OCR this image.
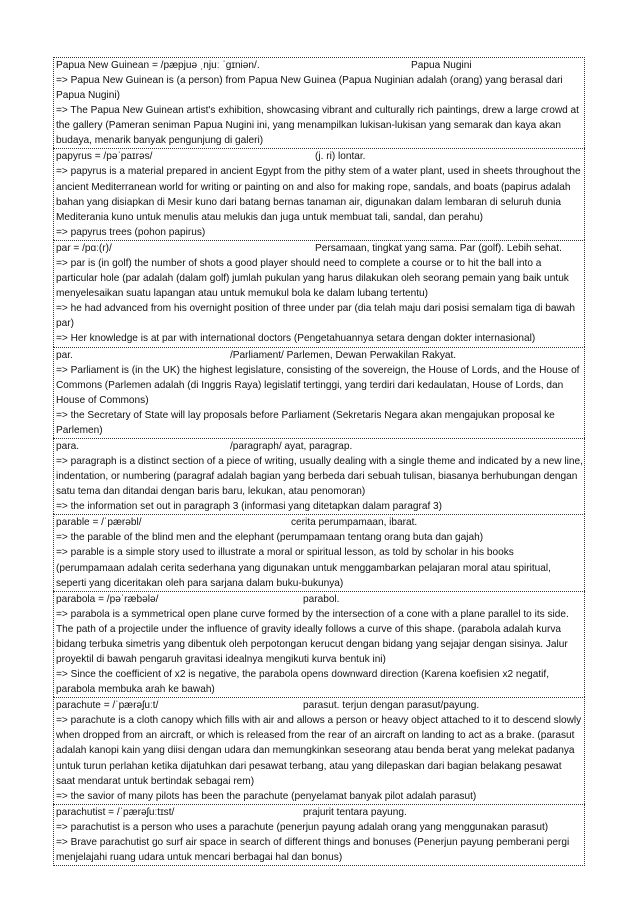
Papua New Guinean = /pæpjuə ˌnjuː ˈɡɪniən/.	Papua Nugini

=> Papua New Guinean is (a person) from Papua New Guinea (Papua Nuginian adalah (orang) yang berasal dari Papua Nugini)

=> The Papua New Guinean artist's exhibition, showcasing vibrant and culturally rich paintings, drew a large crowd at the gallery (Pameran seniman Papua Nugini ini, yang menampilkan lukisan-lukisan yang semarak dan kaya akan budaya, menarik banyak pengunjung di galeri)

papyrus = /pəˈpaɪrəs/	(j. ri) lontar.

=> papyrus is a material prepared in ancient Egypt from the pithy stem of a water plant, used in sheets throughout the ancient Mediterranean world for writing or painting on and also for making rope, sandals, and boats (papirus adalah bahan yang disiapkan di Mesir kuno dari batang bernas tanaman air, digunakan dalam lembaran di seluruh dunia Mediterania kuno untuk menulis atau melukis dan juga untuk membuat tali, sandal, dan perahu)

=> papyrus trees (pohon papirus)

par = /pɑː(r)/	Persamaan, tingkat yang sama. Par (golf). Lebih sehat.

=> par is (in golf) the number of shots a good player should need to complete a course or to hit the ball into a particular hole (par adalah (dalam golf) jumlah pukulan yang harus dilakukan oleh seorang pemain yang baik untuk menyelesaikan suatu lapangan atau untuk memukul bola ke dalam lubang tertentu)

=> he had advanced from his overnight position of three under par (dia telah maju dari posisi semalam tiga di bawah par)

=> Her knowledge is at par with international doctors (Pengetahuannya setara dengan dokter internasional)

par.	/Parliament/ Parlemen, Dewan Perwakilan Rakyat.

=> Parliament is (in the UK) the highest legislature, consisting of the sovereign, the House of Lords, and the House of Commons (Parlemen adalah (di Inggris Raya) legislatif tertinggi, yang terdiri dari kedaulatan, House of Lords, dan House of Commons)

=> the Secretary of State will lay proposals before Parliament (Sekretaris Negara akan mengajukan proposal ke Parlemen)

para.	/paragraph/ ayat, paragrap.

=> paragraph is a distinct section of a piece of writing, usually dealing with a single theme and indicated by a new line, indentation, or numbering (paragraf adalah bagian yang berbeda dari sebuah tulisan, biasanya berhubungan dengan satu tema dan ditandai dengan baris baru, lekukan, atau penomoran)

=> the information set out in paragraph 3 (informasi yang ditetapkan dalam paragraf 3)

parable = /ˈpærəbl/	cerita perumpamaan, ibarat.

=> the parable of the blind men and the elephant (perumpamaan tentang orang buta dan gajah)

=> parable is a simple story used to illustrate a moral or spiritual lesson, as told by scholar in his books (perumpamaan adalah cerita sederhana yang digunakan untuk menggambarkan pelajaran moral atau spiritual, seperti yang diceritakan oleh para sarjana dalam buku-bukunya)

parabola = /pəˈræbələ/	parabol.

=> parabola is a symmetrical open plane curve formed by the intersection of a cone with a plane parallel to its side. The path of a projectile under the influence of gravity ideally follows a curve of this shape. (parabola adalah kurva bidang terbuka simetris yang dibentuk oleh perpotongan kerucut dengan bidang yang sejajar dengan sisinya. Jalur proyektil di bawah pengaruh gravitasi idealnya mengikuti kurva bentuk ini)

=> Since the coefficient of x2 is negative, the parabola opens downward direction (Karena koefisien x2 negatif, parabola membuka arah ke bawah)

parachute = /ˈpærəʃuːt/	parasut. terjun dengan parasut/payung.

=> parachute is a cloth canopy which fills with air and allows a person or heavy object attached to it to descend slowly when dropped from an aircraft, or which is released from the rear of an aircraft on landing to act as a brake. (parasut adalah kanopi kain yang diisi dengan udara dan memungkinkan seseorang atau benda berat yang melekat padanya untuk turun perlahan ketika dijatuhkan dari pesawat terbang, atau yang dilepaskan dari bagian belakang pesawat saat mendarat untuk bertindak sebagai rem)

=> the savior of many pilots has been the parachute (penyelamat banyak pilot adalah parasut)

parachutist = /ˈpærəʃuːtɪst/	prajurit tentara payung.

=> parachutist is a person who uses a parachute (penerjun payung adalah orang yang menggunakan parasut)

=> Brave parachutist go surf air space in search of different things and bonuses (Penerjun payung pemberani pergi menjelajahi ruang udara untuk mencari berbagai hal dan bonus)
